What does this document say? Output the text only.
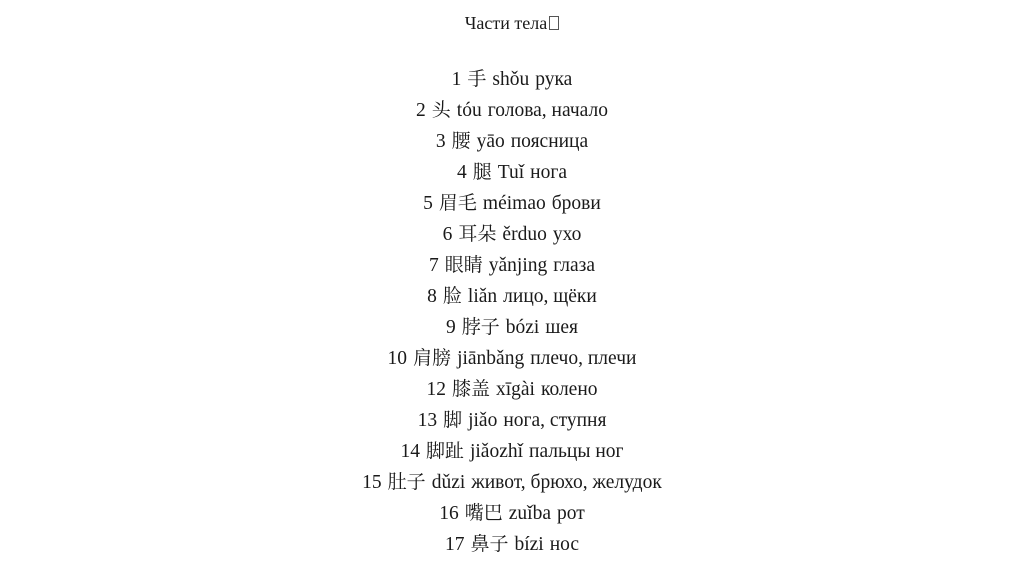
Части тела
1 手 shǒu рука
2 头 tóu голова, начало
3 腰 yāo поясница
4 腿 Tuǐ нога
5 眉毛 méimao брови
6 耳朵 ěrduo ухо
7 眼睛 yǎnjing глаза
8 脸 liǎn лицо, щёки
9 脖子 bózi шея
10 肩膀 jiānbǎng плечо, плечи
12 膝盖 xīgài колено
13 脚 jiǎo нога, ступня
14 脚趾 jiǎozhǐ пальцы ног
15 肚子 dǔzi живот, брюхо, желудок
16 嘴巴 zuǐba рот
17 鼻子 bízi нос
